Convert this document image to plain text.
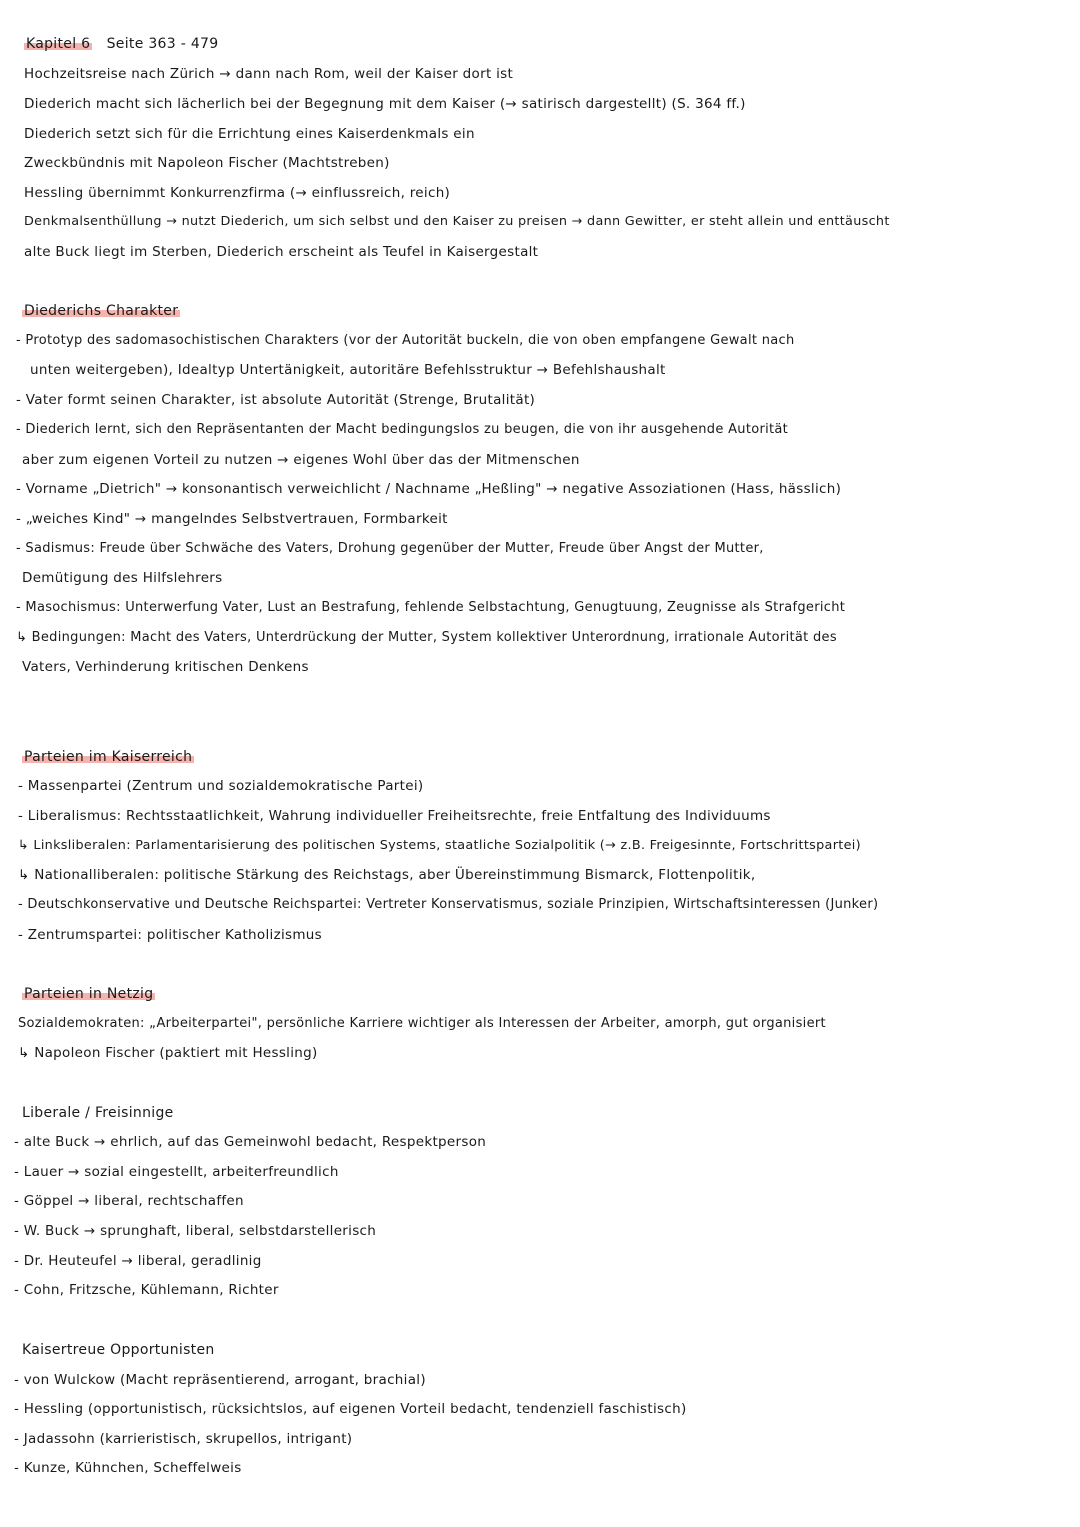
Kapitel 6 Seite 363 - 479
Hochzeitsreise nach Zürich → dann nach Rom, weil der Kaiser dort ist
Diederich macht sich lächerlich bei der Begegnung mit dem Kaiser (→ satirisch dargestellt) (S. 364 ff.)
Diederich setzt sich für die Errichtung eines Kaiserdenkmals ein
Zweckbündnis mit Napoleon Fischer (Machtstreben)
Hessling übernimmt Konkurrenzfirma (→ einflussreich, reich)
Denkmalsenthüllung → nutzt Diederich, um sich selbst und den Kaiser zu preisen → dann Gewitter, er steht allein und enttäuscht
alte Buck liegt im Sterben, Diederich erscheint als Teufel in Kaisergestalt
Diederichs Charakter
- Prototyp des sadomasochistischen Charakters (vor der Autorität buckeln, die von oben empfangene Gewalt nach
unten weitergeben), Idealtyp Untertänigkeit, autoritäre Befehlsstruktur → Befehlshaushalt
- Vater formt seinen Charakter, ist absolute Autorität (Strenge, Brutalität)
- Diederich lernt, sich den Repräsentanten der Macht bedingungslos zu beugen, die von ihr ausgehende Autorität
aber zum eigenen Vorteil zu nutzen → eigenes Wohl über das der Mitmenschen
- Vorname „Dietrich" → konsonantisch verweichlicht / Nachname „Heßling" → negative Assoziationen (Hass, hässlich)
- „weiches Kind" → mangelndes Selbstvertrauen, Formbarkeit
- Sadismus: Freude über Schwäche des Vaters, Drohung gegenüber der Mutter, Freude über Angst der Mutter,
Demütigung des Hilfslehrers
- Masochismus: Unterwerfung Vater, Lust an Bestrafung, fehlende Selbstachtung, Genugtuung, Zeugnisse als Strafgericht
↳ Bedingungen: Macht des Vaters, Unterdrückung der Mutter, System kollektiver Unterordnung, irrationale Autorität des
Vaters, Verhinderung kritischen Denkens
Parteien im Kaiserreich
- Massenpartei (Zentrum und sozialdemokratische Partei)
- Liberalismus: Rechtsstaatlichkeit, Wahrung individueller Freiheitsrechte, freie Entfaltung des Individuums
↳ Linksliberalen: Parlamentarisierung des politischen Systems, staatliche Sozialpolitik (→ z.B. Freigesinnte, Fortschrittspartei)
↳ Nationalliberalen: politische Stärkung des Reichstags, aber Übereinstimmung Bismarck, Flottenpolitik,
- Deutschkonservative und Deutsche Reichspartei: Vertreter Konservatismus, soziale Prinzipien, Wirtschaftsinteressen (Junker)
- Zentrumspartei: politischer Katholizismus
Parteien in Netzig
Sozialdemokraten: „Arbeiterpartei", persönliche Karriere wichtiger als Interessen der Arbeiter, amorph, gut organisiert
↳ Napoleon Fischer (paktiert mit Hessling)
Liberale / Freisinnige
- alte Buck → ehrlich, auf das Gemeinwohl bedacht, Respektperson
- Lauer → sozial eingestellt, arbeiterfreundlich
- Göppel → liberal, rechtschaffen
- W. Buck → sprunghaft, liberal, selbstdarstellerisch
- Dr. Heuteufel → liberal, geradlinig
- Cohn, Fritzsche, Kühlemann, Richter
Kaisertreue Opportunisten
- von Wulckow (Macht repräsentierend, arrogant, brachial)
- Hessling (opportunistisch, rücksichtslos, auf eigenen Vorteil bedacht, tendenziell faschistisch)
- Jadassohn (karrieristisch, skrupellos, intrigant)
- Kunze, Kühnchen, Scheffelweis
